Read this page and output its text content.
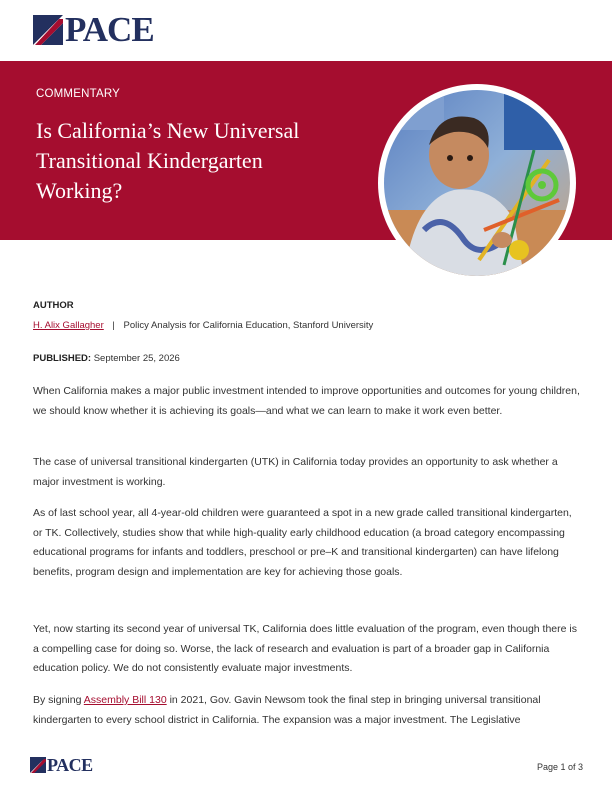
PACE
COMMENTARY
Is California’s New Universal
Transitional Kindergarten
Working?
AUTHOR
H. Alix Gallagher | Policy Analysis for California Education, Stanford University
PUBLISHED: September 25, 2026

When California makes a major public investment intended to improve opportunities and outcomes for young children, we should know whether it is achieving its goals—and what we can learn to make it work even better.

The case of universal transitional kindergarten (UTK) in California today provides an opportunity to ask whether a major investment is working.

As of last school year, all 4-year-old children were guaranteed a spot in a new grade called transitional kindergarten, or TK. Collectively, studies show that while high-quality early childhood education (a broad category encompassing educational programs for infants and toddlers, preschool or pre–K and transitional kindergarten) can have lifelong benefits, program design and implementation are key for achieving those goals.

Yet, now starting its second year of universal TK, California does little evaluation of the program, even though there is a compelling case for doing so. Worse, the lack of research and evaluation is part of a broader gap in California education policy. We do not consistently evaluate major investments.

By signing Assembly Bill 130 in 2021, Gov. Gavin Newsom took the final step in bringing universal transitional kindergarten to every school district in California. The expansion was a major investment. The Legislative

PACE	Page 1 of 3
